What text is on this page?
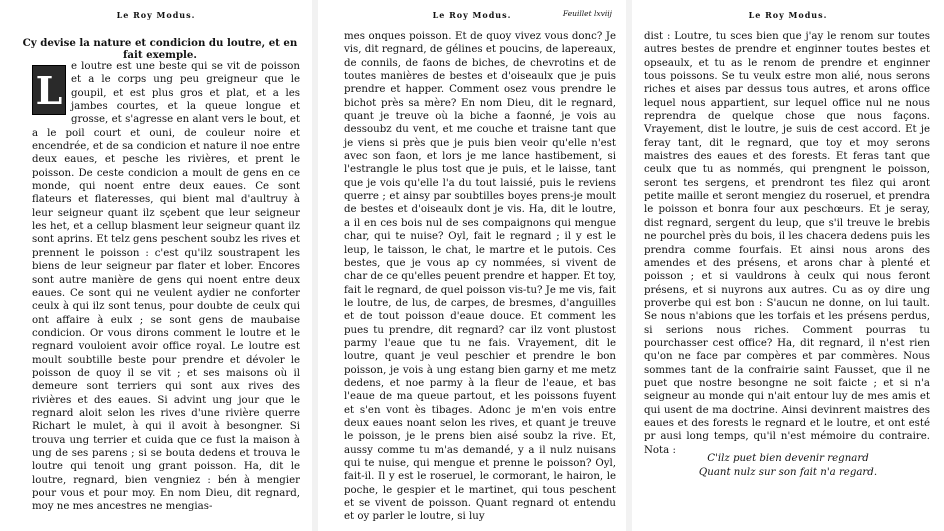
Le Roy Modus.
Cy devise la nature et condicion du loutre, et en fait exemple.
L
e loutre est une beste qui se vit de poisson et a le corps ung peu greigneur que le goupil, et est plus gros et plat, et a les jambes courtes, et la queue longue et grosse, et s'agresse en alant vers le bout, et a le poil court et ouni, de couleur noire et encendrée, et de sa condicion et nature il noe entre deux eaues, et pesche les rivières, et prent le poisson. De ceste condicion a moult de gens en ce monde, qui noent entre deux eaues. Ce sont flateurs et flateresses, qui bient mal d'aultruy à leur seigneur quant ilz sçebent que leur seigneur les het, et a cellup blasment leur seigneur quant ilz sont aprins. Et telz gens peschent soubz les rives et prennent le poisson : c'est qu'ilz soustrapent les biens de leur seigneur par flater et lober. Encores sont autre manière de gens qui noent entre deux eaues. Ce sont qui ne veulent aydier ne conforter ceulx à qui ilz sont tenus, pour doubte de ceulx qui ont affaire à eulx ; se sont gens de maubaise condicion. Or vous dirons comment le loutre et le regnard vouloient avoir office royal. Le loutre est moult soubtille beste pour prendre et dévoler le poisson de quoy il se vit ; et ses maisons où il demeure sont terriers qui sont aux rives des rivières et des eaues. Si advint ung jour que le regnard aloit selon les rives d'une rivière querre Richart le mulet, à qui il avoit à besongner. Si trouva ung terrier et cuida que ce fust la maison à ung de ses parens ; si se bouta dedens et trouva le loutre qui tenoit ung grant poisson. Ha, dit le loutre, regnard, bien vengniez : bén à mengier pour vous et pour moy. En nom Dieu, dit regnard, moy ne mes ancestres ne mengias-
Le Roy Modus.	Feuillet lxviij

mes onques poisson. Et de quoy vivez vous donc? Je vis, dit regnard, de gélines et poucins, de lapereaux, de connils, de faons de biches, de chevrotins et de toutes manières de bestes et d'oiseaulx que je puis prendre et happer. Comment osez vous prendre le bichot près sa mère? En nom Dieu, dit le regnard, quant je treuve où la biche a faonné, je vois au dessoubz du vent, et me couche et traisne tant que je viens si près que je puis bien veoir qu'elle n'est avec son faon, et lors je me lance hastibement, si l'estrangle le plus tost que je puis, et le laisse, tant que je vois qu'elle l'a du tout laissié, puis le reviens querre ; et ainsy par soubtilles boyes prens-je moult de bestes et d'oiseaulx dont je vis. Ha, dit le loutre, a il en ces bois nul de ses compaignons qui mengue char, qui te nuise? Oyl, fait le regnard ; il y est le leup, le taisson, le chat, le martre et le putois. Ces bestes, que je vous ap cy nommées, si vivent de char de ce qu'elles peuent prendre et happer. Et toy, fait le regnard, de quel poisson vis-tu? Je me vis, fait le loutre, de lus, de carpes, de bresmes, d'anguilles et de tout poisson d'eaue douce. Et comment les pues tu prendre, dit regnard? car ilz vont plustost parmy l'eaue que tu ne fais. Vrayement, dit le loutre, quant je veul peschier et prendre le bon poisson, je vois à ung estang bien garny et me metz dedens, et noe parmy à la fleur de l'eaue, et bas l'eaue de ma queue partout, et les poissons fuyent et s'en vont ès tibages. Adonc je m'en vois entre deux eaues noant selon les rives, et quant je treuve le poisson, je le prens bien aisé soubz la rive. Et, aussy comme tu m'as demandé, y a il nulz nuisans qui te nuise, qui mengue et prenne le poisson? Oyl, fait-il. Il y est le roseruel, le cormorant, le hairon, le poche, le gespier et le martinet, qui tous peschent et se vivent de poisson. Quant regnard ot entendu et oy parler le loutre, si luy

Le Roy Modus.

dist : Loutre, tu sces bien que j'ay le renom sur toutes autres bestes de prendre et enginner toutes bestes et opseaulx, et tu as le renom de prendre et enginner tous poissons. Se tu veulx estre mon alié, nous serons riches et aises par dessus tous autres, et arons office lequel nous appartient, sur lequel office nul ne nous reprendra de quelque chose que nous façons. Vrayement, dist le loutre, je suis de cest accord. Et je feray tant, dit le regnard, que toy et moy serons maistres des eaues et des forests. Et feras tant que ceulx que tu as nommés, qui prengnent le poisson, seront tes sergens, et prendront tes filez qui aront petite maille et seront mengiez du roseruel, et prendra le poisson et bonra four aux peschœurs. Et je seray, dist regnard, sergent du leup, que s'il treuve le brebis ne pourchel près du bois, il les chacera dedens puis les prendra comme fourfais. Et ainsi nous arons des amendes et des présens, et arons char à plenté et poisson ; et si vauldrons à ceulx qui nous feront présens, et si nuyrons aux autres. Cu as oy dire ung proverbe qui est bon : S'aucun ne donne, on lui tault. Se nous n'abions que les torfais et les présens perdus, si serions nous riches. Comment pourras tu pourchasser cest office? Ha, dit regnard, il n'est rien qu'on ne face par compères et par commères. Nous sommes tant de la confrairie saint Fausset, que il ne puet que nostre besongne ne soit faicte ; et si n'a seigneur au monde qui n'ait entour luy de mes amis et qui usent de ma doctrine. Ainsi devinrent maistres des eaues et des forests le regnard et le loutre, et ont esté pr ausi long temps, qu'il n'est mémoire du contraire. Nota :

C'ilz puet bien devenir regnard
Quant nulz sur son fait n'a regard.
